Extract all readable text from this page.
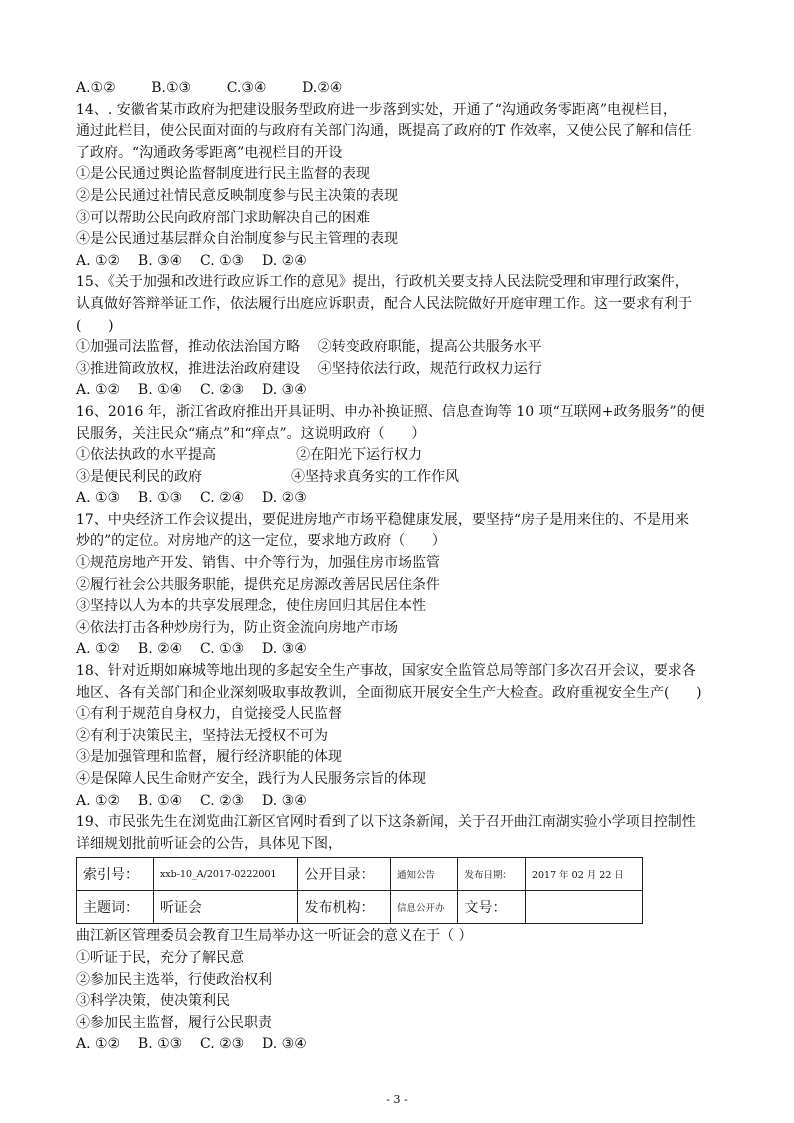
A.①②        B.①③        C.③④        D.②④
14、. 安徽省某市政府为把建设服务型政府进一步落到实处，开通了“沟通政务零距离”电视栏目，
通过此栏目，使公民面对面的与政府有关部门沟通，既提高了政府的T 作效率，又使公民了解和信任
了政府。“沟通政务零距离”电视栏目的开设
①是公民通过舆论监督制度进行民主监督的表现
②是公民通过社情民意反映制度参与民主决策的表现
③可以帮助公民向政府部门求助解决自己的困难
④是公民通过基层群众自治制度参与民主管理的表现
A. ①②    B. ③④    C. ①③    D. ②④
15、《关于加强和改进行政应诉工作的意见》提出，行政机关要支持人民法院受理和审理行政案件，
认真做好答辩举证工作，依法履行出庭应诉职责，配合人民法院做好开庭审理工作。这一要求有利于
(      )
①加强司法监督，推动依法治国方略    ②转变政府职能，提高公共服务水平
③推进简政放权，推进法治政府建设    ④坚持依法行政，规范行政权力运行
A. ①②    B. ①④    C. ②③    D. ③④
16、2016 年，浙江省政府推出开具证明、申办补换证照、信息查询等 10 项“互联网+政务服务”的便
民服务，关注民众“痛点”和“痒点”。这说明政府（      ）
①依法执政的水平提高                  ②在阳光下运行权力
③是便民利民的政府                    ④坚持求真务实的工作作风
A. ①③    B. ①③    C. ②④    D. ②③
17、中央经济工作会议提出，要促进房地产市场平稳健康发展，要坚持“房子是用来住的、不是用来
炒的”的定位。对房地产的这一定位，要求地方政府（      ）
①规范房地产开发、销售、中介等行为，加强住房市场监管
②履行社会公共服务职能，提供充足房源改善居民居住条件
③坚持以人为本的共享发展理念，使住房回归其居住本性
④依法打击各种炒房行为，防止资金流向房地产市场
A. ①②    B. ②④    C. ①③    D. ③④
18、针对近期如麻城等地出现的多起安全生产事故，国家安全监管总局等部门多次召开会议，要求各
地区、各有关部门和企业深刻吸取事故教训，全面彻底开展安全生产大检查。政府重视安全生产(      )
①有利于规范自身权力，自觉接受人民监督
②有利于决策民主，坚持法无授权不可为
③是加强管理和监督，履行经济职能的体现
④是保障人民生命财产安全，践行为人民服务宗旨的体现
A. ①②    B. ①④    C. ②③    D. ③④
19、市民张先生在浏览曲江新区官网时看到了以下这条新闻，关于召开曲江南湖实验小学项目控制性
详细规划批前听证会的公告，具体见下图，
索引号：	xxb-10_A/2017-0222001	公开目录：	通知公告	发布日期：	2017 年 02 月 22 日
主题词：	听证会	发布机构：	信息公开办	文号：	
曲江新区管理委员会教育卫生局举办这一听证会的意义在于（ ）
①听证于民，充分了解民意
②参加民主选举，行使政治权利
③科学决策，使决策利民
④参加民主监督，履行公民职责
A. ①②    B. ①③    C. ②③    D. ③④
- 3 -
